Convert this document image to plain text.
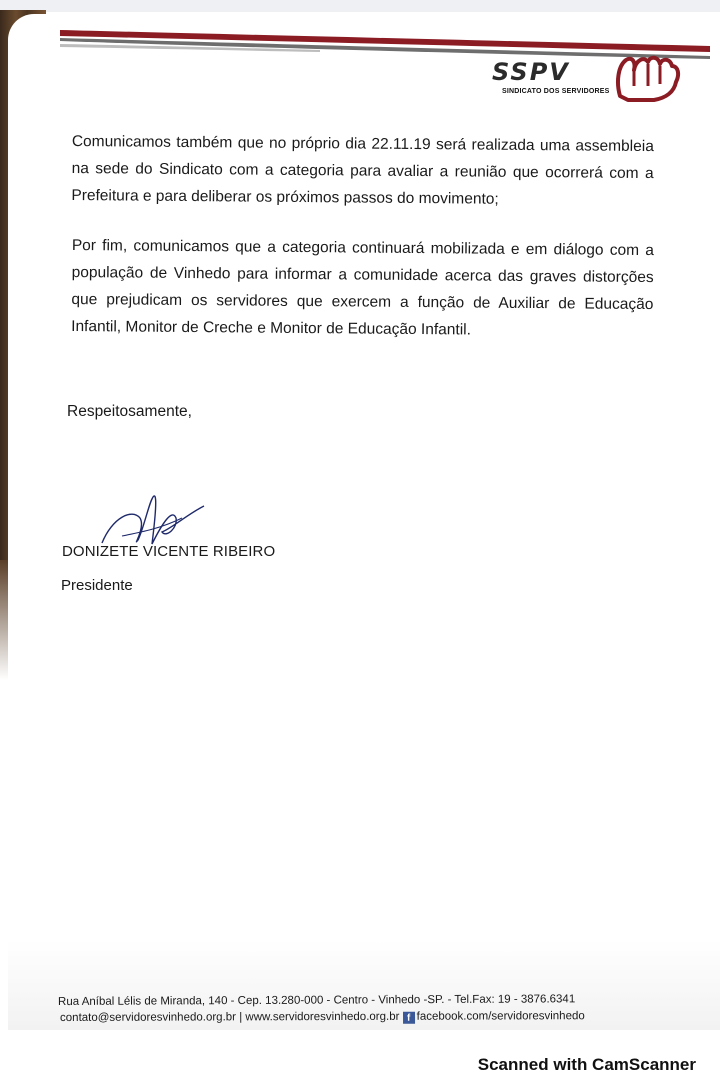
SSPV
SINDICATO DOS SERVIDORES

Comunicamos também que no próprio dia 22.11.19 será realizada uma assembleia na sede do Sindicato com a categoria para avaliar a reunião que ocorrerá com a Prefeitura e para deliberar os próximos passos do movimento;

Por fim, comunicamos que a categoria continuará mobilizada e em diálogo com a população de Vinhedo para informar a comunidade acerca das graves distorções que prejudicam os servidores que exercem a função de Auxiliar de Educação Infantil, Monitor de Creche e Monitor de Educação Infantil.

Respeitosamente,
DONIZETE VICENTE RIBEIRO
Presidente
Rua Aníbal Lélis de Miranda, 140 - Cep. 13.280-000 - Centro - Vinhedo -SP. - Tel.Fax: 19 - 3876.6341
contato@servidoresvinhedo.org.br | www.servidoresvinhedo.org.br f facebook.com/servidoresvinhedo
Scanned with CamScanner
